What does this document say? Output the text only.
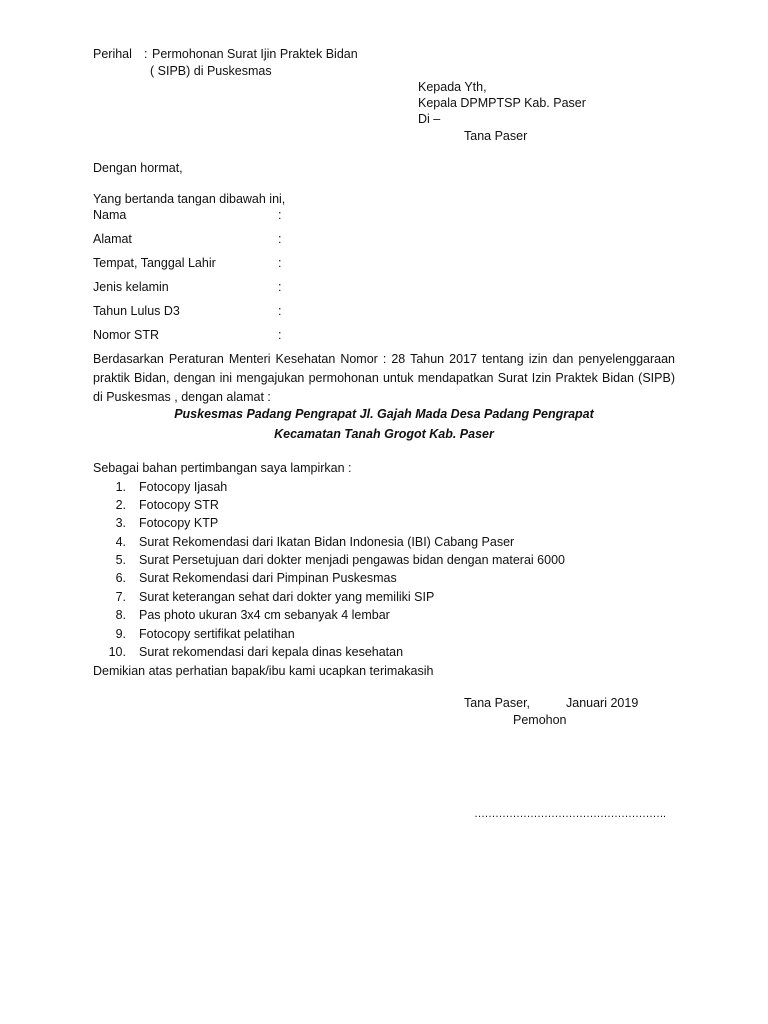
Perihal : Permohonan Surat Ijin Praktek Bidan
( SIPB) di Puskesmas
Kepada Yth,
Kepala DPMPTSP Kab. Paser
Di –
Tana Paser
Dengan hormat,
Yang bertanda tangan dibawah ini,
Nama	:
Alamat	:
Tempat, Tanggal Lahir	:
Jenis kelamin	:
Tahun Lulus D3	:
Nomor STR	:
Berdasarkan Peraturan Menteri Kesehatan Nomor : 28 Tahun 2017 tentang izin dan penyelenggaraan praktik Bidan, dengan ini mengajukan permohonan untuk mendapatkan Surat Izin Praktek Bidan (SIPB) di Puskesmas , dengan alamat :
Puskesmas Padang Pengrapat Jl. Gajah Mada Desa Padang Pengrapat
Kecamatan Tanah Grogot Kab. Paser
Sebagai bahan pertimbangan saya lampirkan :
1. Fotocopy Ijasah
2. Fotocopy STR
3. Fotocopy KTP
4. Surat Rekomendasi dari Ikatan Bidan Indonesia (IBI) Cabang Paser
5. Surat Persetujuan dari dokter menjadi pengawas bidan dengan materai 6000
6. Surat Rekomendasi dari Pimpinan Puskesmas
7. Surat keterangan sehat dari dokter yang memiliki SIP
8. Pas photo ukuran 3x4 cm sebanyak 4 lembar
9. Fotocopy sertifikat pelatihan
10. Surat rekomendasi dari kepala dinas kesehatan
Demikian atas perhatian bapak/ibu kami ucapkan terimakasih
Tana Paser,	Januari 2019
Pemohon
……………………………………………….
